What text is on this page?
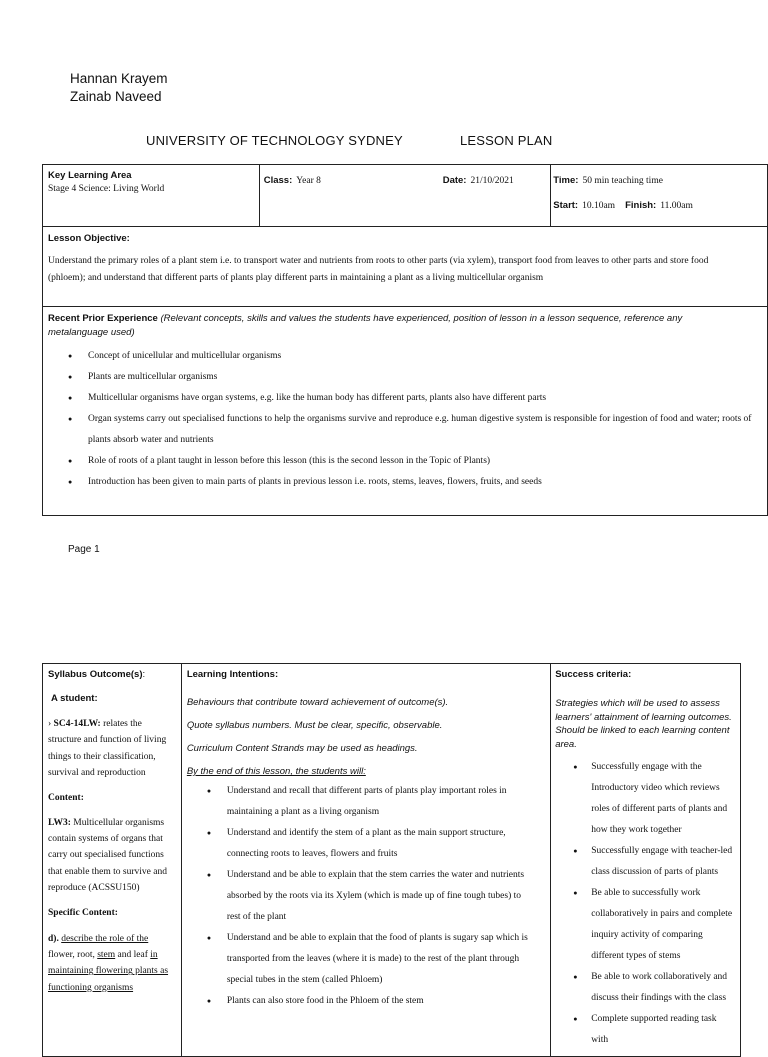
Hannan Krayem
Zainab Naveed
UNIVERSITY OF TECHNOLOGY SYDNEY	LESSON PLAN
Key Learning Area
Stage 4 Science: Living World
	Class: Year 8	Date: 21/10/2021	Time: 50 min teaching time
Start: 10.10am Finish: 11.00am

Lesson Objective:
Understand the primary roles of a plant stem i.e. to transport water and nutrients from roots to other parts (via xylem), transport food from leaves to other parts and store food (phloem); and understand that different parts of plants play different parts in maintaining a plant as a living multicellular organism

Recent Prior Experience (Relevant concepts, skills and values the students have experienced, position of lesson in a lesson sequence, reference any metalanguage used)
● Concept of unicellular and multicellular organisms
● Plants are multicellular organisms
● Multicellular organisms have organ systems, e.g. like the human body has different parts, plants also have different parts
● Organ systems carry out specialised functions to help the organisms survive and reproduce e.g. human digestive system is responsible for ingestion of food and water; roots of plants absorb water and nutrients
● Role of roots of a plant taught in lesson before this lesson (this is the second lesson in the Topic of Plants)
● Introduction has been given to main parts of plants in previous lesson i.e. roots, stems, leaves, flowers, fruits, and seeds
Page 1
Syllabus Outcome(s):
A student:
› SC4-14LW: relates the structure and function of living things to their classification, survival and reproduction
Content:
LW3: Multicellular organisms contain systems of organs that carry out specialised functions that enable them to survive and reproduce (ACSSU150)
Specific Content:
d). describe the role of the flower, root, stem and leaf in
maintaining flowering plants as functioning organisms

Learning Intentions:
Behaviours that contribute toward achievement of outcome(s).
Quote syllabus numbers. Must be clear, specific, observable.
Curriculum Content Strands may be used as headings.
By the end of this lesson, the students will:
● Understand and recall that different parts of plants play important roles in maintaining a plant as a living organism
● Understand and identify the stem of a plant as the main support structure, connecting roots to leaves, flowers and fruits
● Understand and be able to explain that the stem carries the water and nutrients absorbed by the roots via its Xylem (which is made up of fine tough tubes) to rest of the plant
● Understand and be able to explain that the food of plants is sugary sap which is transported from the leaves (where it is made) to the rest of the plant through special tubes in the stem (called Phloem)
● Plants can also store food in the Phloem of the stem

Success criteria:
Strategies which will be used to assess learners' attainment of learning outcomes. Should be linked to each learning content area.
● Successfully engage with the Introductory video which reviews roles of different parts of plants and how they work together
● Successfully engage with teacher-led class discussion of parts of plants
● Be able to successfully work collaboratively in pairs and complete inquiry activity of comparing different types of stems
● Be able to work collaboratively and discuss their findings with the class
● Complete supported reading task with
